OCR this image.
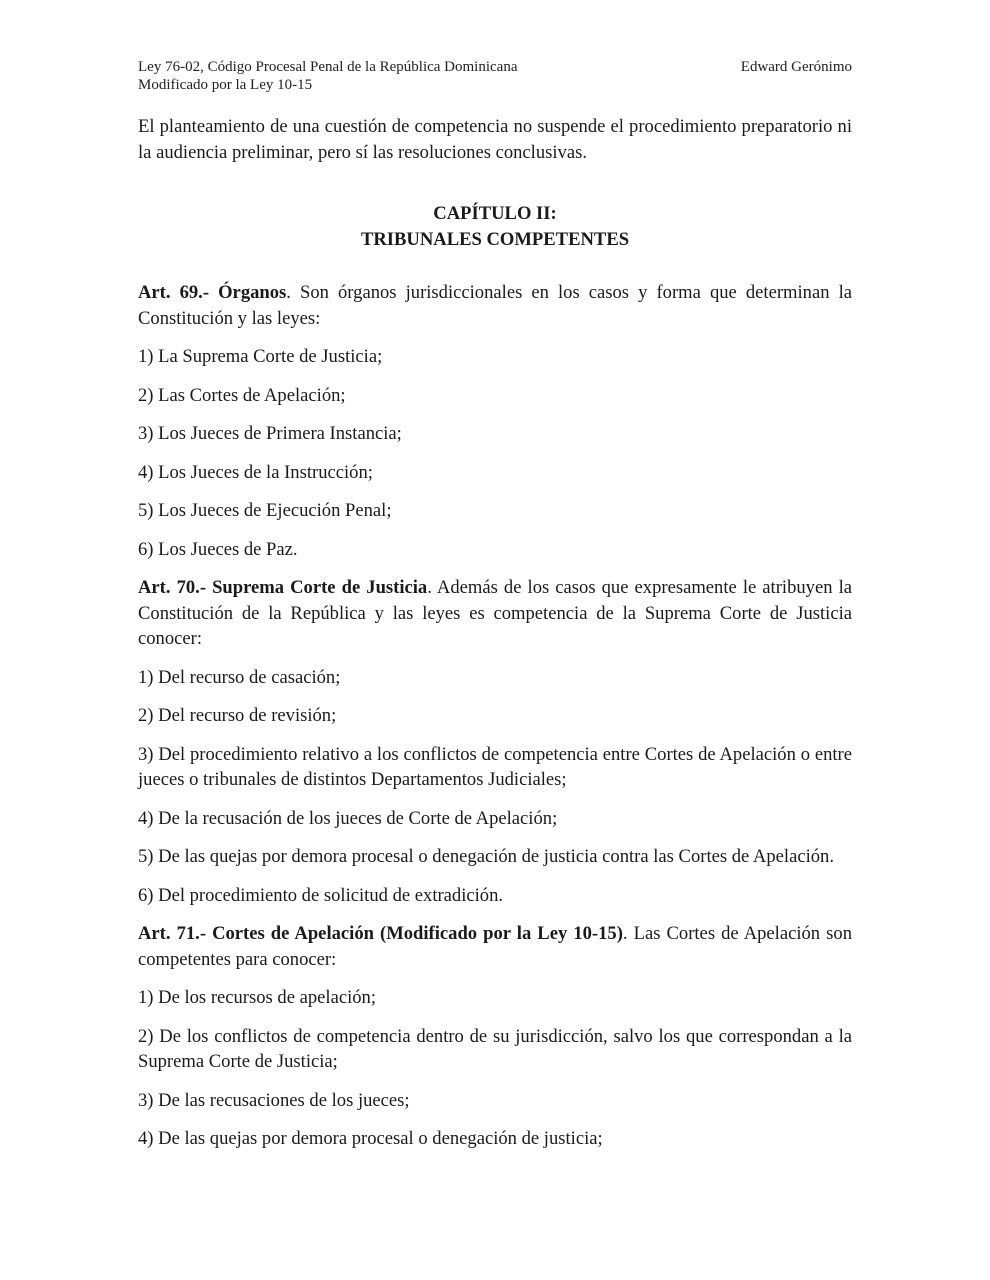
Ley 76-02, Código Procesal Penal de la República Dominicana	Edward Gerónimo
Modificado por la Ley 10-15

El planteamiento de una cuestión de competencia no suspende el procedimiento preparatorio ni la audiencia preliminar, pero sí las resoluciones conclusivas.

CAPÍTULO II:
TRIBUNALES COMPETENTES

Art. 69.- Órganos. Son órganos jurisdiccionales en los casos y forma que determinan la Constitución y las leyes:

1) La Suprema Corte de Justicia;

2) Las Cortes de Apelación;

3) Los Jueces de Primera Instancia;

4) Los Jueces de la Instrucción;

5) Los Jueces de Ejecución Penal;

6) Los Jueces de Paz.

Art. 70.- Suprema Corte de Justicia. Además de los casos que expresamente le atribuyen la Constitución de la República y las leyes es competencia de la Suprema Corte de Justicia conocer:

1) Del recurso de casación;

2) Del recurso de revisión;

3) Del procedimiento relativo a los conflictos de competencia entre Cortes de Apelación o entre jueces o tribunales de distintos Departamentos Judiciales;

4) De la recusación de los jueces de Corte de Apelación;

5) De las quejas por demora procesal o denegación de justicia contra las Cortes de Apelación.

6) Del procedimiento de solicitud de extradición.

Art. 71.- Cortes de Apelación (Modificado por la Ley 10-15). Las Cortes de Apelación son competentes para conocer:

1) De los recursos de apelación;

2) De los conflictos de competencia dentro de su jurisdicción, salvo los que correspondan a la Suprema Corte de Justicia;

3) De las recusaciones de los jueces;

4) De las quejas por demora procesal o denegación de justicia;
